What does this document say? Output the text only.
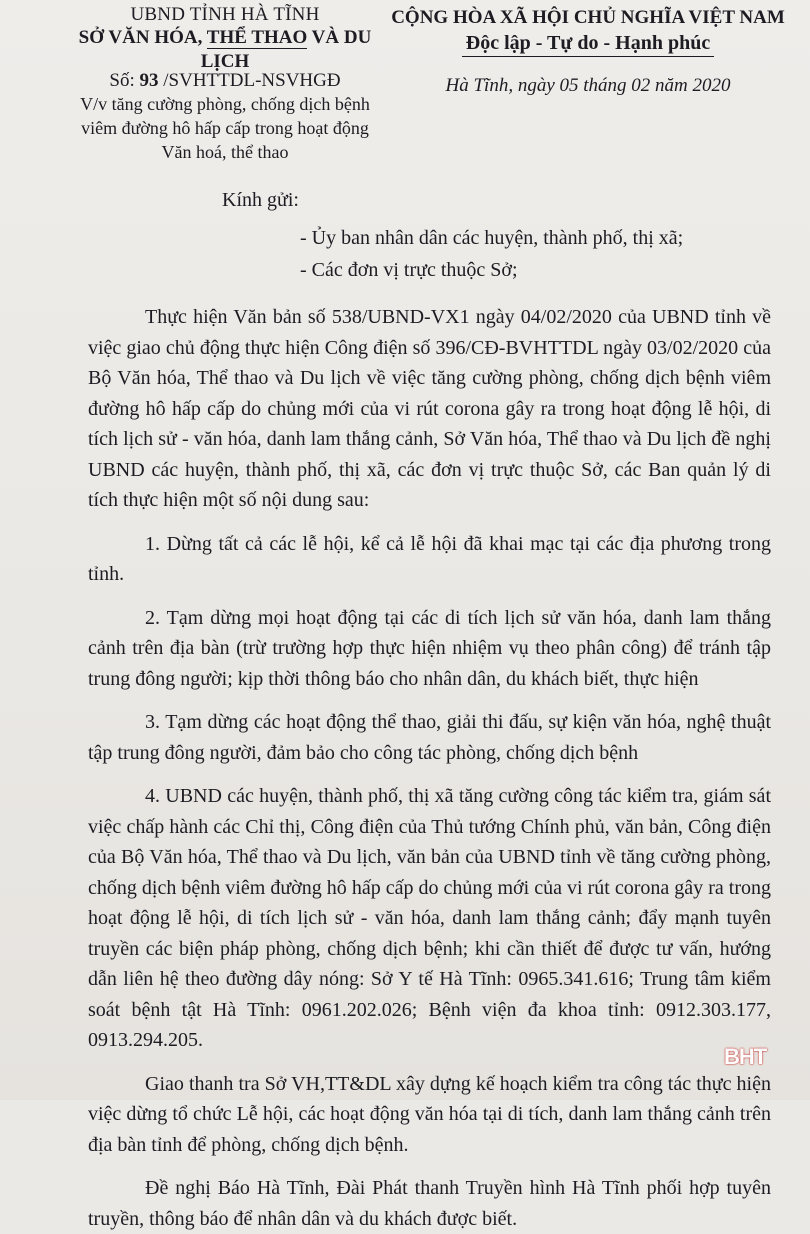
UBND TỈNH HÀ TĨNH
SỞ VĂN HÓA, THỂ THAO VÀ DU LỊCH
CỘNG HÒA XÃ HỘI CHỦ NGHĨA VIỆT NAM
Độc lập - Tự do - Hạnh phúc
Số: 93 /SVHTTDL-NSVHGĐ
V/v tăng cường phòng, chống dịch bệnh
viêm đường hô hấp cấp trong hoạt động
Văn hoá, thể thao
Hà Tĩnh, ngày 05 tháng 02 năm 2020
Kính gửi:
- Ủy ban nhân dân các huyện, thành phố, thị xã;
- Các đơn vị trực thuộc Sở;

Thực hiện Văn bản số 538/UBND-VX1 ngày 04/02/2020 của UBND tỉnh về việc giao chủ động thực hiện Công điện số 396/CĐ-BVHTTDL ngày 03/02/2020 của Bộ Văn hóa, Thể thao và Du lịch về việc tăng cường phòng, chống dịch bệnh viêm đường hô hấp cấp do chủng mới của vi rút corona gây ra trong hoạt động lễ hội, di tích lịch sử - văn hóa, danh lam thắng cảnh, Sở Văn hóa, Thể thao và Du lịch đề nghị UBND các huyện, thành phố, thị xã, các đơn vị trực thuộc Sở, các Ban quản lý di tích thực hiện một số nội dung sau:

1. Dừng tất cả các lễ hội, kể cả lễ hội đã khai mạc tại các địa phương trong tỉnh.

2. Tạm dừng mọi hoạt động tại các di tích lịch sử văn hóa, danh lam thắng cảnh trên địa bàn (trừ trường hợp thực hiện nhiệm vụ theo phân công) để tránh tập trung đông người; kịp thời thông báo cho nhân dân, du khách biết, thực hiện

3. Tạm dừng các hoạt động thể thao, giải thi đấu, sự kiện văn hóa, nghệ thuật tập trung đông người, đảm bảo cho công tác phòng, chống dịch bệnh

4. UBND các huyện, thành phố, thị xã tăng cường công tác kiểm tra, giám sát việc chấp hành các Chỉ thị, Công điện của Thủ tướng Chính phủ, văn bản, Công điện của Bộ Văn hóa, Thể thao và Du lịch, văn bản của UBND tỉnh về tăng cường phòng, chống dịch bệnh viêm đường hô hấp cấp do chủng mới của vi rút corona gây ra trong hoạt động lễ hội, di tích lịch sử - văn hóa, danh lam thắng cảnh; đẩy mạnh tuyên truyền các biện pháp phòng, chống dịch bệnh; khi cần thiết để được tư vấn, hướng dẫn liên hệ theo đường dây nóng: Sở Y tế Hà Tĩnh: 0965.341.616; Trung tâm kiểm soát bệnh tật Hà Tĩnh: 0961.202.026; Bệnh viện đa khoa tỉnh: 0912.303.177, 0913.294.205.

Giao thanh tra Sở VH,TT&DL xây dựng kế hoạch kiểm tra công tác thực hiện việc dừng tổ chức Lễ hội, các hoạt động văn hóa tại di tích, danh lam thắng cảnh trên địa bàn tỉnh để phòng, chống dịch bệnh.

Đề nghị Báo Hà Tĩnh, Đài Phát thanh Truyền hình Hà Tĩnh phối hợp tuyên truyền, thông báo để nhân dân và du khách được biết.

BHT
